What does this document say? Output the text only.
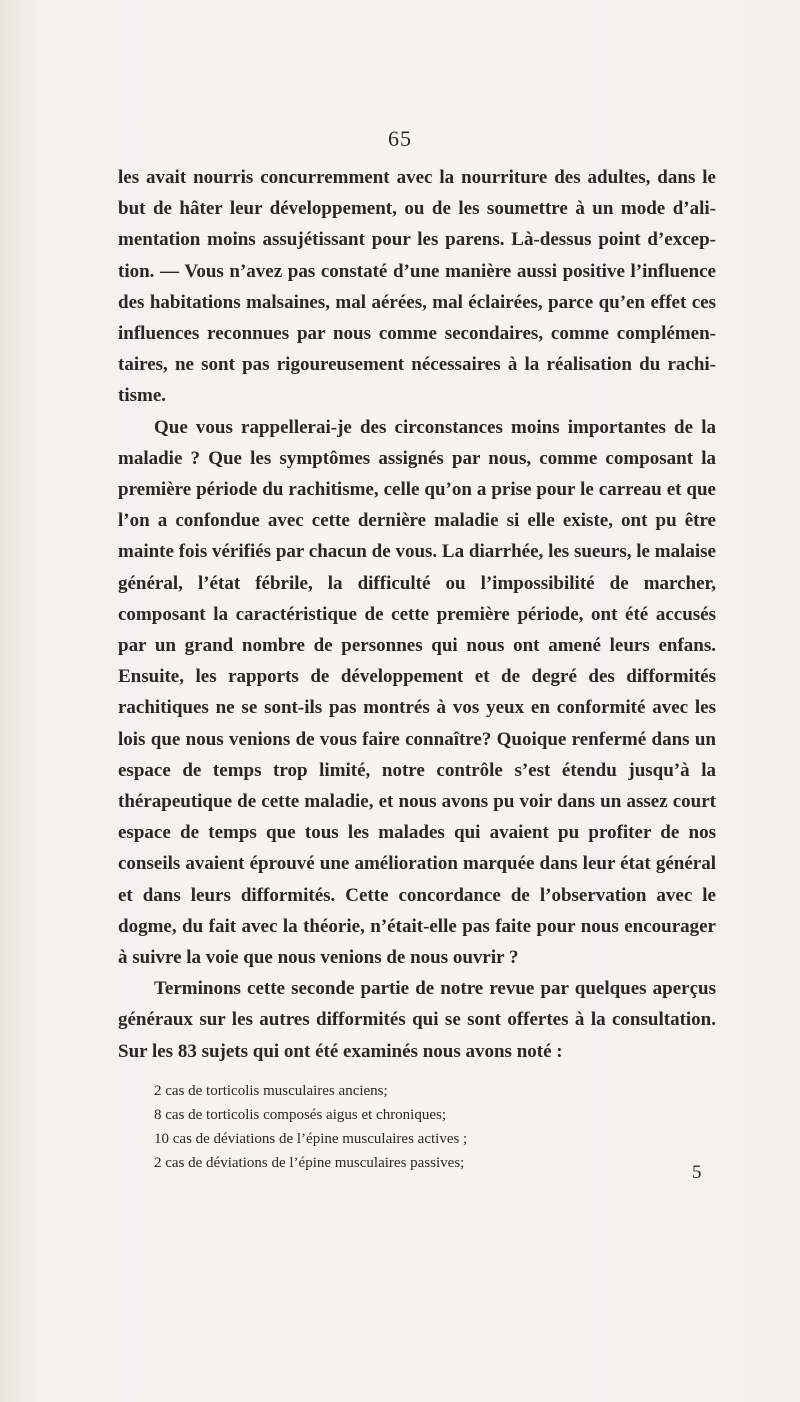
65

les avait nourris concurremment avec la nourriture des adultes, dans le but de hâter leur développement, ou de les soumettre à un mode d’alimentation moins assujétissant pour les parens. Là-dessus point d’exception. — Vous n’avez pas constaté d’une manière aussi positive l’influence des habitations malsaines, mal aérées, mal éclairées, parce qu’en effet ces influences reconnues par nous comme secondaires, comme complémentaires, ne sont pas rigoureusement nécessaires à la réalisation du rachitisme.

Que vous rappellerai-je des circonstances moins importantes de la maladie ? Que les symptômes assignés par nous, comme composant la première période du rachitisme, celle qu’on a prise pour le carreau et que l’on a confondue avec cette dernière maladie si elle existe, ont pu être mainte fois vérifiés par chacun de vous. La diarrhée, les sueurs, le malaise général, l’état fébrile, la difficulté ou l’impossibilité de marcher, composant la caractéristique de cette première période, ont été accusés par un grand nombre de personnes qui nous ont amené leurs enfans. Ensuite, les rapports de développement et de degré des difformités rachitiques ne se sont-ils pas montrés à vos yeux en conformité avec les lois que nous venions de vous faire connaître? Quoique renfermé dans un espace de temps trop limité, notre contrôle s’est étendu jusqu’à la thérapeutique de cette maladie, et nous avons pu voir dans un assez court espace de temps que tous les malades qui avaient pu profiter de nos conseils avaient éprouvé une amélioration marquée dans leur état général et dans leurs difformités. Cette concordance de l’observation avec le dogme, du fait avec la théorie, n’était-elle pas faite pour nous encourager à suivre la voie que nous venions de nous ouvrir ?

Terminons cette seconde partie de notre revue par quelques aperçus généraux sur les autres difformités qui se sont offertes à la consultation. Sur les 83 sujets qui ont été examinés nous avons noté :

2 cas de torticolis musculaires anciens;
8 cas de torticolis composés aigus et chroniques;
10 cas de déviations de l’épine musculaires actives ;
2 cas de déviations de l’épine musculaires passives;	5
